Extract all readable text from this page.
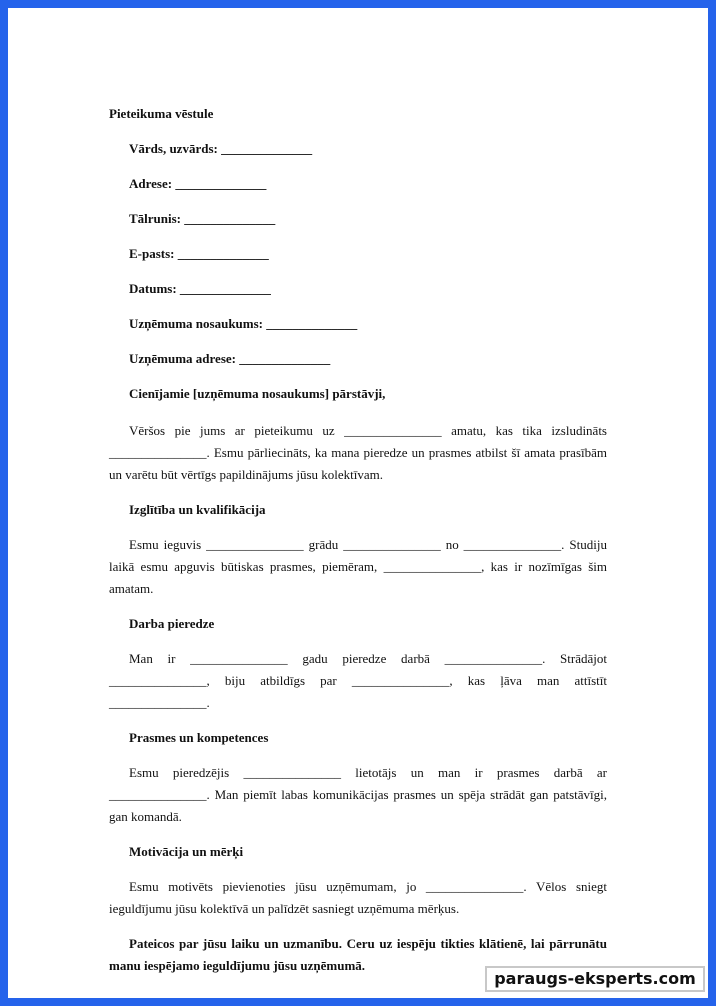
Pieteikuma vēstule

Vārds, uzvārds: ______________

Adrese: ______________

Tālrunis: ______________

E-pasts: ______________

Datums: ______________

Uzņēmuma nosaukums: ______________

Uzņēmuma adrese: ______________

Cienījamie [uzņēmuma nosaukums] pārstāvji,

Vēršos pie jums ar pieteikumu uz _______________ amatu, kas tika izsludināts _______________. Esmu pārliecināts, ka mana pieredze un prasmes atbilst šī amata prasībām un varētu būt vērtīgs papildinājums jūsu kolektīvam.

Izglītība un kvalifikācija

Esmu ieguvis _______________ grādu _______________ no _______________. Studiju laikā esmu apguvis būtiskas prasmes, piemēram, _______________, kas ir nozīmīgas šim amatam.

Darba pieredze

Man ir _______________ gadu pieredze darbā _______________. Strādājot _______________, biju atbildīgs par _______________, kas ļāva man attīstīt _______________.

Prasmes un kompetences

Esmu pieredzējis _______________ lietotājs un man ir prasmes darbā ar _______________. Man piemīt labas komunikācijas prasmes un spēja strādāt gan patstāvīgi, gan komandā.

Motivācija un mērķi

Esmu motivēts pievienoties jūsu uzņēmumam, jo _______________. Vēlos sniegt ieguldījumu jūsu kolektīvā un palīdzēt sasniegt uzņēmuma mērķus.

Pateicos par jūsu laiku un uzmanību. Ceru uz iespēju tikties klātienē, lai pārrunātu manu iespējamo ieguldījumu jūsu uzņēmumā.

paraugs-eksperts.com
